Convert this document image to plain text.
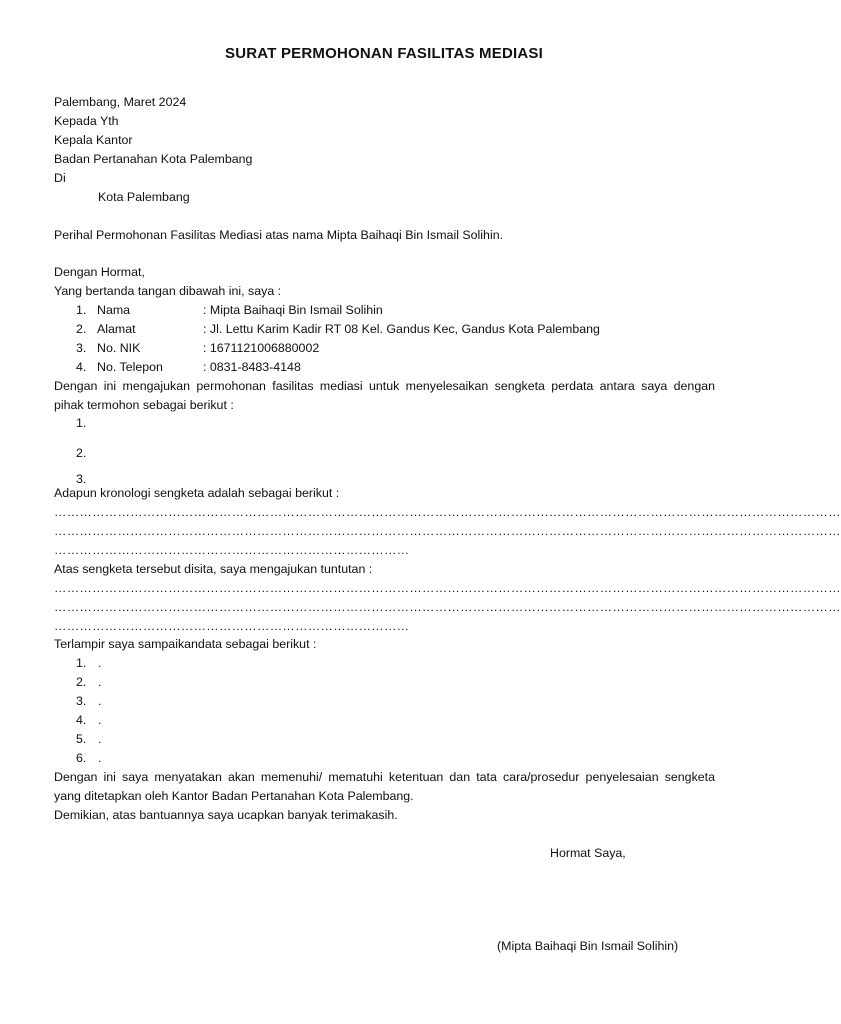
SURAT PERMOHONAN FASILITAS MEDIASI
Palembang, Maret 2024
Kepada Yth
Kepala Kantor
Badan Pertanahan Kota Palembang
Di
Kota Palembang
Perihal Permohonan Fasilitas Mediasi atas nama Mipta Baihaqi Bin Ismail Solihin.
Dengan Hormat,
Yang bertanda tangan dibawah ini, saya :
1. Nama	: Mipta Baihaqi Bin Ismail Solihin
2. Alamat	: Jl. Lettu Karim Kadir RT 08 Kel. Gandus Kec, Gandus Kota Palembang
3. No. NIK	: 1671121006880002
4. No. Telepon	: 0831-8483-4148
Dengan ini mengajukan permohonan fasilitas mediasi untuk menyelesaikan sengketa perdata antara saya dengan
pihak termohon sebagai berikut :
1.
2.
3.
Adapun kronologi sengketa adalah sebagai berikut :
……………………………………………………………………………………………………………………………………………………………………
……………………………………………………………………………………………………………………………………………………………………
…………………………………………………………………………
Atas sengketa tersebut disita, saya mengajukan tuntutan :
……………………………………………………………………………………………………………………………………………………………………
……………………………………………………………………………………………………………………………………………………………………
…………………………………………………………………………
Terlampir saya sampaikandata sebagai berikut :
1. .
2. .
3. .
4. .
5. .
6. .
Dengan ini saya menyatakan akan memenuhi/ mematuhi ketentuan dan tata cara/prosedur penyelesaian sengketa
yang ditetapkan oleh Kantor Badan Pertanahan Kota Palembang.
Demikian, atas bantuannya saya ucapkan banyak terimakasih.
Hormat Saya,
(Mipta Baihaqi Bin Ismail Solihin)
